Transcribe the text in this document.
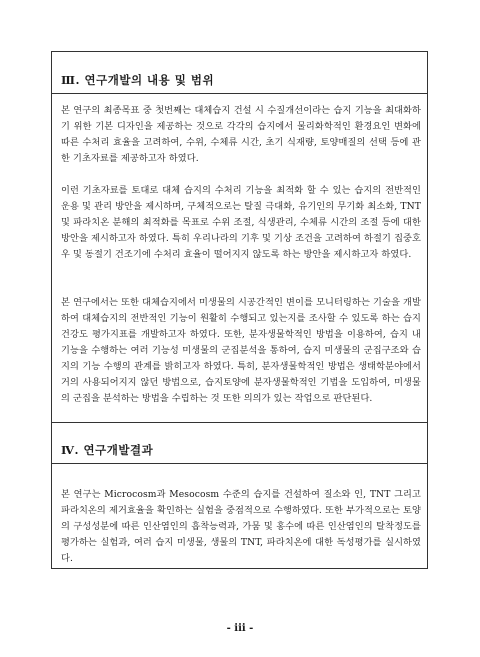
Ⅲ. 연구개발의 내용 및 범위

본 연구의 최종목표 중 첫번째는 대체습지 건설 시 수질개선이라는 습지 기능을 최대화하기 위한 기본 디자인을 제공하는 것으로 각각의 습지에서 물리화학적인 환경요인 변화에 따른 수처리 효율을 고려하여, 수위, 수체류 시간, 초기 식재량, 토양매질의 선택 등에 관한 기초자료를 제공하고자 하였다.

이런 기초자료를 토대로 대체 습지의 수처리 기능을 최적화 할 수 있는 습지의 전반적인 운용 및 관리 방안을 제시하며, 구체적으로는 탈질 극대화, 유기인의 무기화 최소화, TNT 및 파라치온 분해의 최적화를 목표로 수위 조절, 식생관리, 수체류 시간의 조절 등에 대한 방안을 제시하고자 하였다. 특히 우리나라의 기후 및 기상 조건을 고려하여 하절기 집중호우 및 동절기 건조기에 수처리 효율이 떨어지지 않도록 하는 방안을 제시하고자 하였다.

본 연구에서는 또한 대체습지에서 미생물의 시공간적인 변이를 모니터링하는 기술을 개발하여 대체습지의 전반적인 기능이 원활히 수행되고 있는지를 조사할 수 있도록 하는 습지 건강도 평가지표를 개발하고자 하였다. 또한, 분자생물학적인 방법을 이용하여, 습지 내 기능을 수행하는 여러 기능성 미생물의 군집분석을 통하여, 습지 미생물의 군집구조와 습지의 기능 수행의 관계를 밝히고자 하였다. 특히, 분자생물학적인 방법은 생태학분야에서 거의 사용되어지지 않던 방법으로, 습지토양에 분자생물학적인 기법을 도입하여, 미생물의 군집을 분석하는 방법을 수립하는 것 또한 의의가 있는 작업으로 판단된다.

Ⅳ. 연구개발결과

본 연구는 Microcosm과 Mesocosm 수준의 습지를 건설하여 질소와 인, TNT 그리고 파라치온의 제거효율을 확인하는 실험을 중점적으로 수행하였다. 또한 부가적으로는 토양의 구성성분에 따른 인산염인의 흡착능력과, 가뭄 및 홍수에 따른 인산염인의 탈착정도를 평가하는 실험과, 여러 습지 미생물, 생물의 TNT, 파라치온에 대한 독성평가를 실시하였다.

- iii -
